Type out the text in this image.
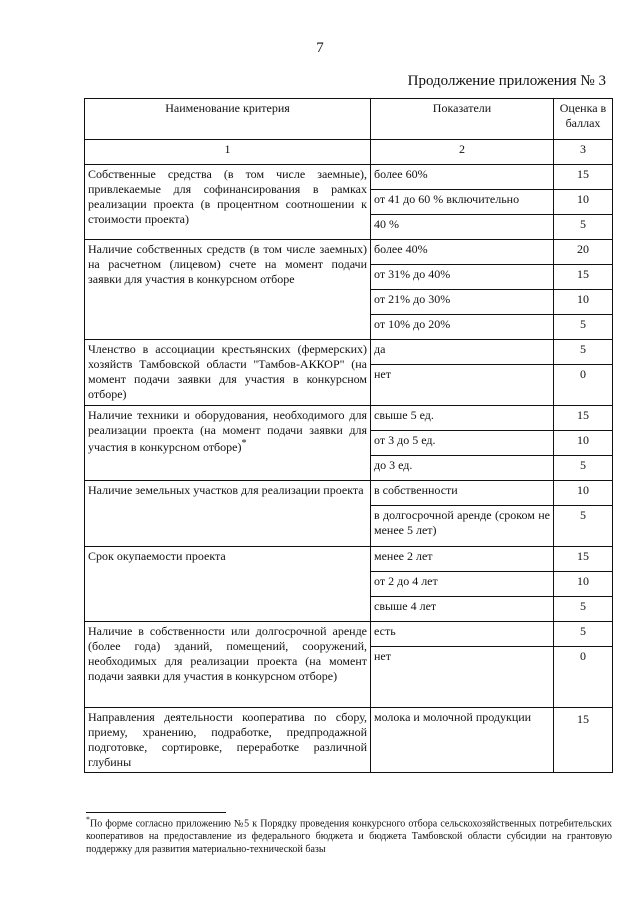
7
Продолжение приложения № 3
Наименование критерия	Показатели	Оценка в баллах
1	2	3
Собственные средства (в том числе заемные), привлекаемые для софинансирования в рамках реализации проекта (в процентном соотношении к стоимости проекта)	более 60%	15
	от 41 до 60 % включительно	10
	40 %	5
Наличие собственных средств (в том числе заемных) на расчетном (лицевом) счете на момент подачи заявки для участия в конкурсном отборе	более 40%	20
	от 31% до 40%	15
	от 21% до 30%	10
	от 10% до 20%	5
Членство в ассоциации крестьянских (фермерских) хозяйств Тамбовской области "Тамбов-АККОР" (на момент подачи заявки для участия в конкурсном отборе)	да	5
	нет	0
Наличие техники и оборудования, необходимого для реализации проекта (на момент подачи заявки для участия в конкурсном отборе)*	свыше 5 ед.	15
	от 3 до 5 ед.	10
	до 3 ед.	5
Наличие земельных участков для реализации проекта	в собственности	10
	в долгосрочной аренде (сроком не менее 5 лет)	5
Срок окупаемости проекта	менее 2 лет	15
	от 2 до 4 лет	10
	свыше 4 лет	5
Наличие в собственности или долгосрочной аренде (более года) зданий, помещений, сооружений, необходимых для реализации проекта (на момент подачи заявки для участия в конкурсном отборе)	есть	5
	нет	0
Направления деятельности кооператива по сбору, приему, хранению, подработке, предпродажной подготовке, сортировке, переработке различной глубины	молока и молочной продукции	15
*По форме согласно приложению №5 к Порядку проведения конкурсного отбора сельскохозяйственных потребительских кооперативов на предоставление из федерального бюджета и бюджета Тамбовской области субсидии на грантовую поддержку для развития материально-технической базы
